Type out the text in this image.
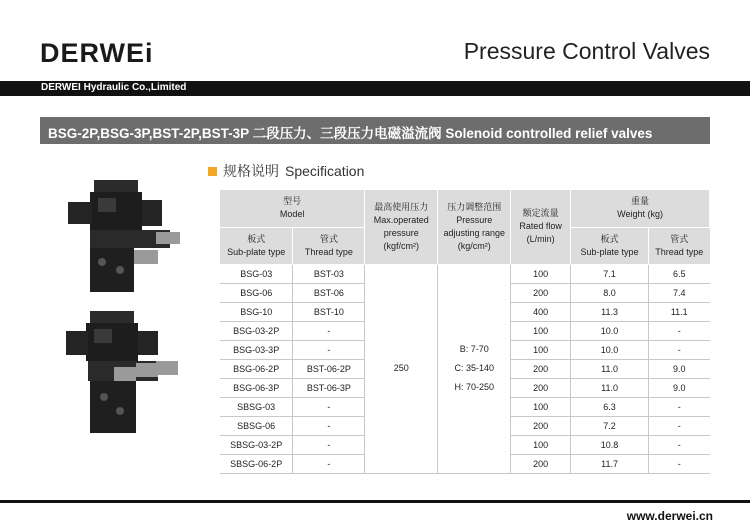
DERWEi	Pressure Control Valves
DERWEI Hydraulic Co.,Limited
BSG-2P,BSG-3P,BST-2P,BST-3P 二段压力、三段压力电磁溢流阀 Solenoid controlled relief valves
规格说明 Specification
型号
Model		最高使用压力
Max.operated
pressure
(kgf/cm²)	压力调整范围
Pressure
adjusting range
(kg/cm²)	额定流量
Rated flow
(L/min)	重量
Weight (kg)	
板式
Sub-plate type	管式
Thread type				板式
Sub-plate type	管式
Thread type
BSG-03	BST-03	250	B: 7-70
C: 35-140
H: 70-250	100	7.1	6.5
BSG-06	BST-06			200	8.0	7.4
BSG-10	BST-10			400	11.3	11.1
BSG-03-2P	-			100	10.0	-
BSG-03-3P	-			100	10.0	-
BSG-06-2P	BST-06-2P			200	11.0	9.0
BSG-06-3P	BST-06-3P			200	11.0	9.0
SBSG-03	-			100	6.3	-
SBSG-06	-			200	7.2	-
SBSG-03-2P	-			100	10.8	-
SBSG-06-2P	-			200	11.7	-
www.derwei.cn
